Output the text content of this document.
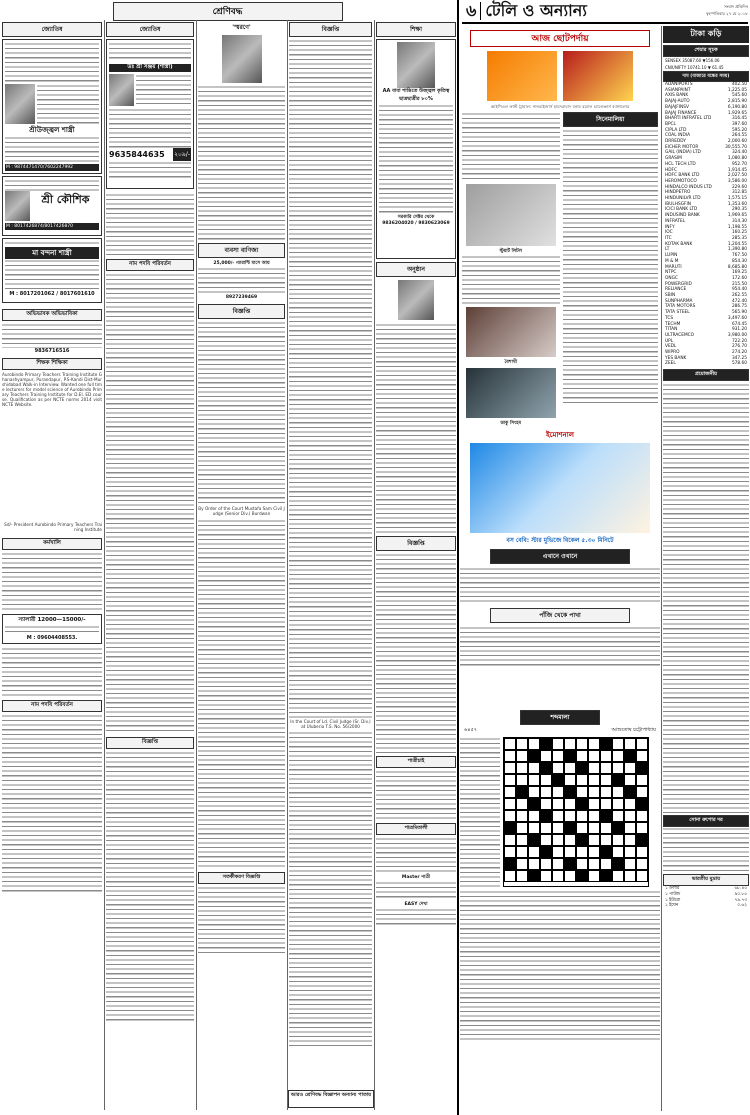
শ্রেণিবদ্ধ
জ্যোতিষ
শ্রীউজ্জ্বল শাস্ত্রী
M : 9874471470/7602247992
শ্রী কৌশিক
M : 8017426874/8017426870
মা বন্দনা শাস্ত্রী
M : 8017201062 / 8017601610
অভিভাবক অভিভাবিকা
9836716516
শিক্ষক শিক্ষিকা
Aurobindo Primary Teachers Training Institute Ghanashyampur, Purandapur, P.S-Kandi Dist-Murshidabad Walk-in Interview. Wanted one full time lecturers for model science of Aurobindo Primary Teachers Training Institute for D.El. ED course. Qualification as per NCTE norms 2014 visit NCTE Website.
Sd/- President Aurobindo Primary Teachers Training Institute
কর্মখালি
স্যালারী 12000—15000/-
M : 09604408553.
নাম পদবি পরিবর্তন
জ্যোতিষ
ডঃ শ্রী সঞ্জয় (শাস্ত্রী)
9635844635 ২০৯/-
নাম পদবি পরিবর্তন
বিজ্ঞপ্তি
'স্মরণে'
ব্যবসা বাণিজ্য
25,000/- গ্যারান্টি মাসে আয়
8927239469
বিজ্ঞপ্তি
By Order of the Court Mustafa Sam Civil Judge (Senior Div.) Burdwan
সতর্কীকরণ বিজ্ঞপ্তি
বিজ্ঞপ্তি
In the Court of Ld. Civil Judge (Sr. Div.) at Uluberia T.S. No. 56/2000
আরও শ্রেণিবদ্ধ বিজ্ঞাপন অন্যান্য পাতায়
শিক্ষা
AA বাবা শান্তিতে উজ্জ্বল কৃতিত্ব ছাত্রছাত্রীর ৮০%
সরকারি সেক্টর থেকে
9836204020 / 9830623069
অনুষ্ঠান
বিজ্ঞপ্তি
পাত্রীচাই
পাত্রমিতালী
Master পাত্রী
EASY দেখা
৬ টেলি ও অন্যান্য	সংবাদ প্রতিদিন
বৃহস্পতিবার ২৭ মে ২০১৮
আজ ছোটপর্দায়
আইপিএল ফাস্ট ট্রায়াল: সানরাইজার্স হায়দরাবাদ বনাম রয়্যাল চ্যালেঞ্জার্স ব্যাঙ্গালোর
স্টুয়ার্ট লিটল
বৈশাখী
ডাকু সিংহম
সিনেমালিয়া
ইমোশনাল
বস বেবি: স্টার মুভিজে বিকেল ৫.৩০ মিনিটে
এখানে ওখানে
পাঁজি খেকে পাখা
শব্দমালা
৬৪৫৭	আশুতোষ চট্টোপাধ্যায়
টাকা কড়ি
শেয়ার সূচক
SENSEX 35087.60 ▼156.06
CNX/NIFTY 10741.10 ▼ 61.45
দাম (বাজারে বন্ধের সময়)
ADANIPORTS	402.50
ASIANPAINT	1,225.05
AXIS BANK	545.60
BAJAJ-AUTO	2,815.90
BAJAJFINSV	6,190.80
BAJAJ FINANCE	1,929.65
BHARTI INFRATEL LTD	316.45
BPCL	397.60
CIPLA LTD	595.20
COAL INDIA	264.55
DRREDDY	2,000.60
EICHER MOTOR	30,555.70
GAIL (INDIA) LTD	324.40
GRASIM	1,080.80
HCL TECH LTD	952.70
HDFC	1,914.45
HDFC BANK LTD	2,027.50
HEROMOTOCO	3,586.00
HINDALCO INDUS LTD	229.60
HINDPETRO	312.85
HINDUNILVR LTD	1,575.15
IBULHSGFIN	1,353.60
ICICI BANK LTD	290.35
INDUSIND BANK	1,969.65
INFRATEL	314.30
INFY	1,198.55
IOC	160.25
ITC	285.35
KOTAK BANK	1,204.55
LT	1,390.80
LUPIN	767.50
M & M	854.30
MARUTI	8,685.80
NTPC	169.25
ONGC	172.60
POWERGRID	215.50
RELIANCE	954.40
SBIN	262.55
SUNPHARMA	472.40
TATA MOTORS	286.75
TATA STEEL	565.90
TCS	3,497.60
TECHM	674.45
TITAN	931.20
ULTRACEMCO	3,980.00
UPL	722.20
VEDL	276.70
WIPRO	274.20
YES BANK	347.25
ZEEL	578.60
প্রয়োজনীয়
সোনা রুপোর দর
ভারতীয় মুদ্রায়
১ ডলার	৬৮.৪৫
১ পাউন্ড	৯০.৮৫
১ ইউরো	৭৯.৭৩
১ ইয়েন	০.৬২
